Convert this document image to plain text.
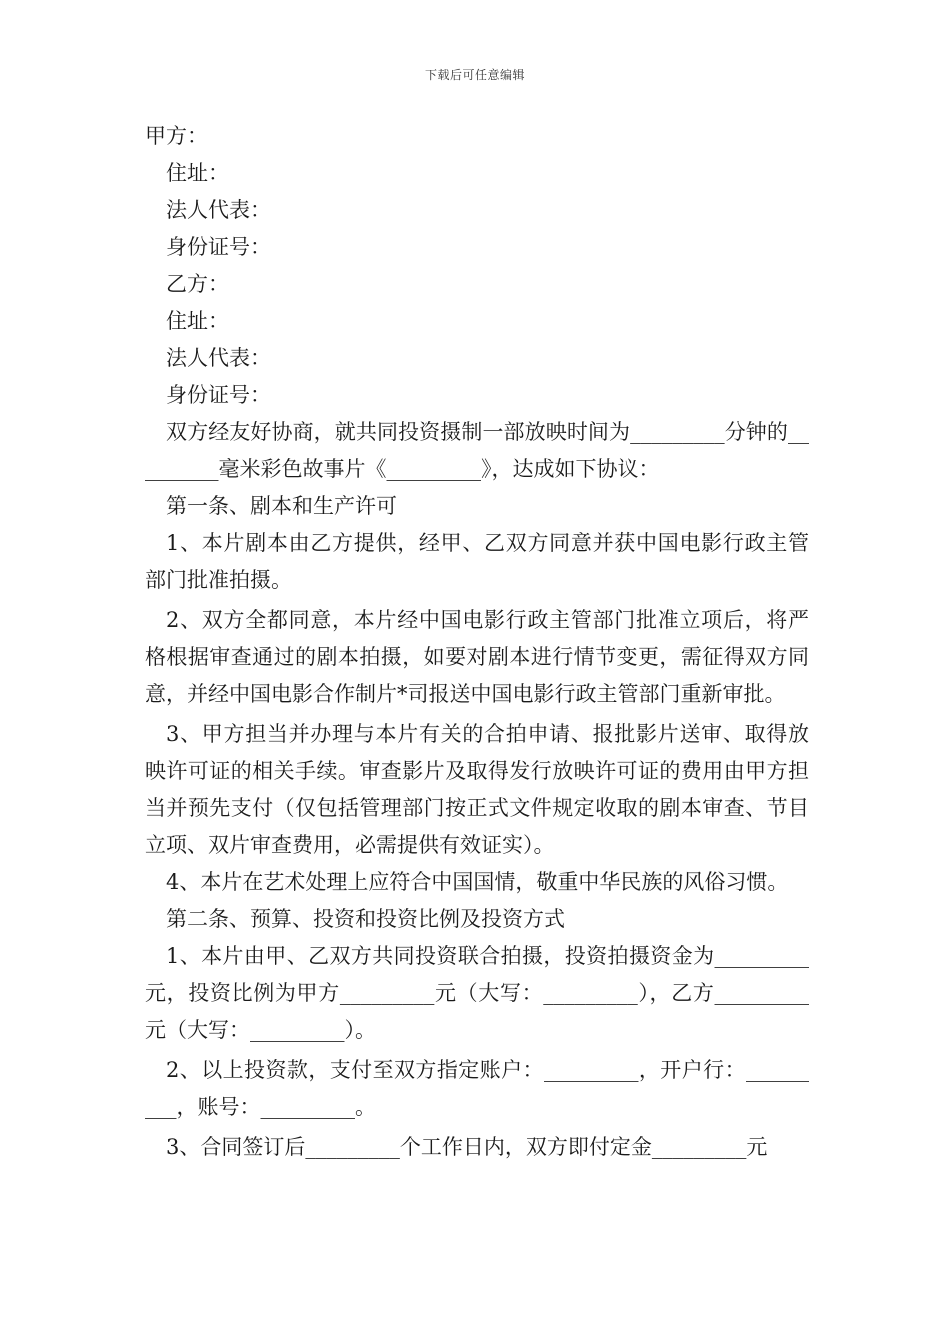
下载后可任意编辑
甲方：
住址：
法人代表：
身份证号：
乙方：
住址：
法人代表：
身份证号：
双方经友好协商，就共同投资摄制一部放映时间为_________分钟的_________毫米彩色故事片《_________》，达成如下协议：
第一条、剧本和生产许可
1、本片剧本由乙方提供，经甲、乙双方同意并获中国电影行政主管部门批准拍摄。
2、双方全都同意，本片经中国电影行政主管部门批准立项后，将严格根据审查通过的剧本拍摄，如要对剧本进行情节变更，需征得双方同意，并经中国电影合作制片*司报送中国电影行政主管部门重新审批。
3、甲方担当并办理与本片有关的合拍申请、报批影片送审、取得放映许可证的相关手续。审查影片及取得发行放映许可证的费用由甲方担当并预先支付（仅包括管理部门按正式文件规定收取的剧本审查、节目立项、双片审查费用，必需提供有效证实）。
4、本片在艺术处理上应符合中国国情，敬重中华民族的风俗习惯。
第二条、预算、投资和投资比例及投资方式
1、本片由甲、乙双方共同投资联合拍摄，投资拍摄资金为_________元，投资比例为甲方_________元（大写：_________），乙方_________元（大写：_________）。
2、以上投资款，支付至双方指定账户：_________，开户行：_________，账号：_________。
3、合同签订后_________个工作日内，双方即付定金_________元
